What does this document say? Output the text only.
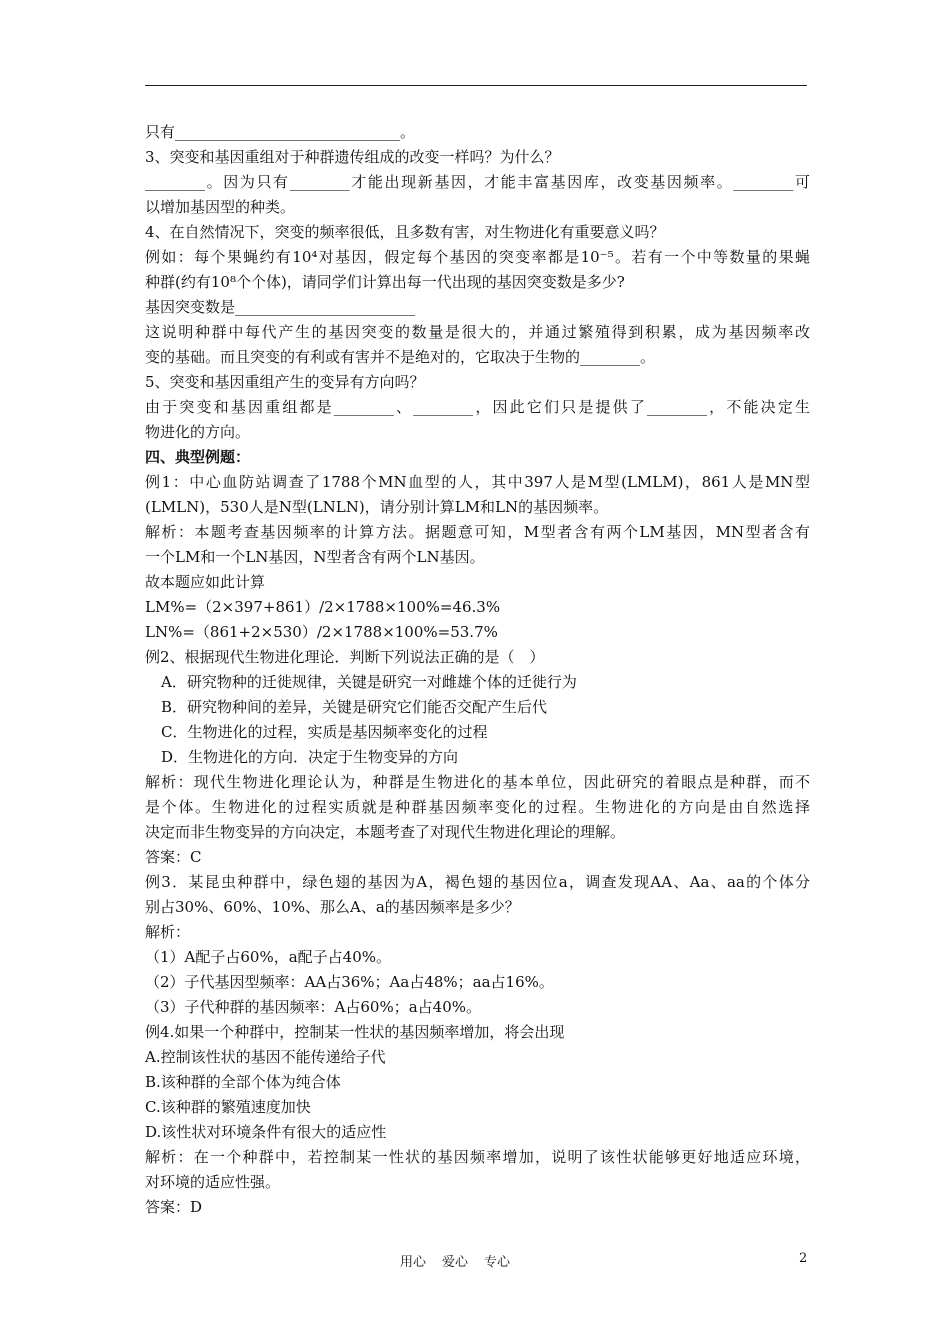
只有______________________________。
3、突变和基因重组对于种群遗传组成的改变一样吗？为什么？
________。因为只有________才能出现新基因，才能丰富基因库，改变基因频率。________可
以增加基因型的种类。
4、在自然情况下，突变的频率很低，且多数有害，对生物进化有重要意义吗？
例如：每个果蝇约有10⁴对基因，假定每个基因的突变率都是10⁻⁵。若有一个中等数量的果蝇
种群(约有10⁸个个体)，请同学们计算出每一代出现的基因突变数是多少?
基因突变数是________________________
这说明种群中每代产生的基因突变的数量是很大的，并通过繁殖得到积累，成为基因频率改
变的基础。而且突变的有利或有害并不是绝对的，它取决于生物的________。
5、突变和基因重组产生的变异有方向吗？
由于突变和基因重组都是________、________，因此它们只是提供了________，不能决定生
物进化的方向。
四、典型例题：
例1：中心血防站调查了1788个MN血型的人，其中397人是M型(LMLM)，861人是MN型
(LMLN)，530人是N型(LNLN)，请分别计算LM和LN的基因频率。
解析：本题考查基因频率的计算方法。据题意可知，M型者含有两个LM基因，MN型者含有
一个LM和一个LN基因，N型者含有两个LN基因。
故本题应如此计算
LM%=（2×397+861）/2×1788×100%=46.3%
LN%=（861+2×530）/2×1788×100%=53.7%
例2、根据现代生物进化理论．判断下列说法正确的是（　）
A．研究物种的迁徙规律，关键是研究一对雌雄个体的迁徙行为
B．研究物种间的差异，关键是研究它们能否交配产生后代
C．生物进化的过程，实质是基因频率变化的过程
D．生物进化的方向．决定于生物变异的方向
解析：现代生物进化理论认为，种群是生物进化的基本单位，因此研究的着眼点是种群，而不
是个体。生物进化的过程实质就是种群基因频率变化的过程。生物进化的方向是由自然选择
决定而非生物变异的方向决定，本题考查了对现代生物进化理论的理解。
答案：C
例3．某昆虫种群中，绿色翅的基因为A，褐色翅的基因位a，调查发现AA、Aa、aa的个体分
别占30%、60%、10%、那么A、a的基因频率是多少？
解析：
（1）A配子占60%，a配子占40%。
（2）子代基因型频率：AA占36%；Aa占48%；aa占16%。
（3）子代种群的基因频率：A占60%；a占40%。
例4.如果一个种群中，控制某一性状的基因频率增加，将会出现
A.控制该性状的基因不能传递给子代
B.该种群的全部个体为纯合体
C.该种群的繁殖速度加快
D.该性状对环境条件有很大的适应性
解析：在一个种群中，若控制某一性状的基因频率增加，说明了该性状能够更好地适应环境，
对环境的适应性强。
答案：D
用心 爱心 专心	2
